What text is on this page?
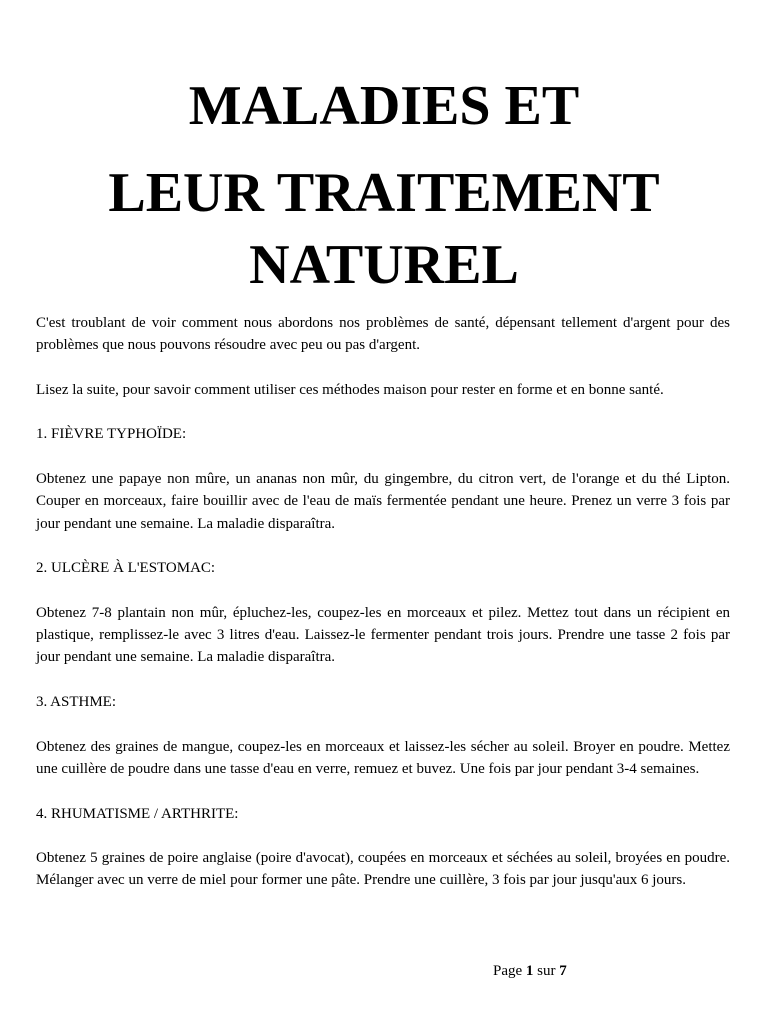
MALADIES ET
LEUR TRAITEMENT
NATUREL

C'est troublant de voir comment nous abordons nos problèmes de santé, dépensant tellement d'argent pour des problèmes que nous pouvons résoudre avec peu ou pas d'argent.

Lisez la suite, pour savoir comment utiliser ces méthodes maison pour rester en forme et en bonne santé.

1. FIÈVRE TYPHOÏDE:

Obtenez une papaye non mûre, un ananas non mûr, du gingembre, du citron vert, de l'orange et du thé Lipton. Couper en morceaux, faire bouillir avec de l'eau de maïs fermentée pendant une heure. Prenez un verre 3 fois par jour pendant une semaine. La maladie disparaîtra.

2. ULCÈRE À L'ESTOMAC:

Obtenez 7-8 plantain non mûr, épluchez-les, coupez-les en morceaux et pilez. Mettez tout dans un récipient en plastique, remplissez-le avec 3 litres d'eau. Laissez-le fermenter pendant trois jours. Prendre une tasse 2 fois par jour pendant une semaine. La maladie disparaîtra.

3. ASTHME:

Obtenez des graines de mangue, coupez-les en morceaux et laissez-les sécher au soleil. Broyer en poudre. Mettez une cuillère de poudre dans une tasse d'eau en verre, remuez et buvez. Une fois par jour pendant 3-4 semaines.

4. RHUMATISME / ARTHRITE:

Obtenez 5 graines de poire anglaise (poire d'avocat), coupées en morceaux et séchées au soleil, broyées en poudre. Mélanger avec un verre de miel pour former une pâte. Prendre une cuillère, 3 fois par jour jusqu'aux 6 jours.

Page 1 sur 7
